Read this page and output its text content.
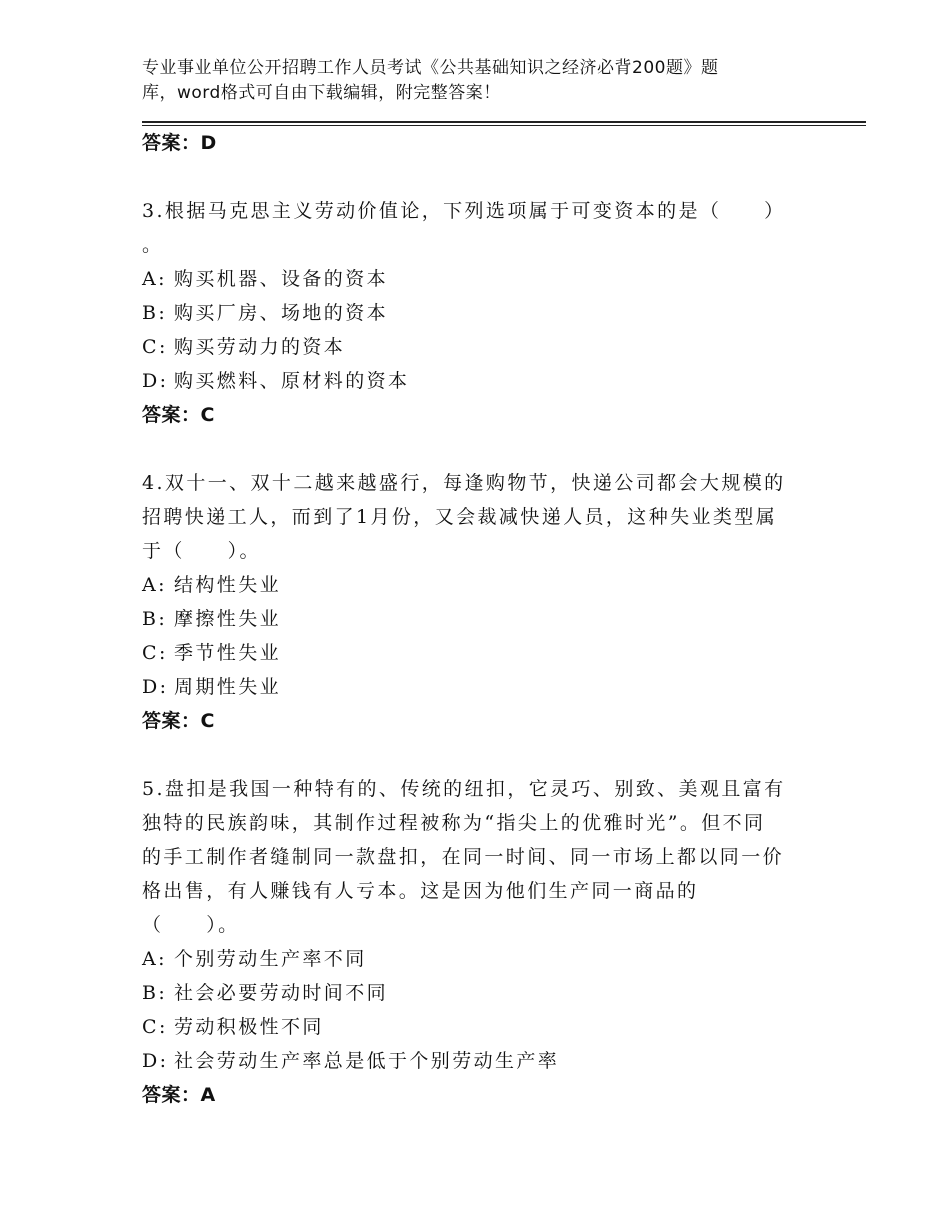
专业事业单位公开招聘工作人员考试《公共基础知识之经济必背200题》题
库，word格式可自由下载编辑，附完整答案！
答案：D
3.根据马克思主义劳动价值论，下列选项属于可变资本的是（　　）
。
A: 购买机器、设备的资本
B: 购买厂房、场地的资本
C: 购买劳动力的资本
D: 购买燃料、原材料的资本
答案：C
4.双十一、双十二越来越盛行，每逢购物节，快递公司都会大规模的
招聘快递工人，而到了1月份，又会裁减快递人员，这种失业类型属
于（　　）。
A: 结构性失业
B: 摩擦性失业
C: 季节性失业
D: 周期性失业
答案：C
5.盘扣是我国一种特有的、传统的纽扣，它灵巧、别致、美观且富有
独特的民族韵味，其制作过程被称为“指尖上的优雅时光”。但不同
的手工制作者缝制同一款盘扣，在同一时间、同一市场上都以同一价
格出售，有人赚钱有人亏本。这是因为他们生产同一商品的
（　　）。
A: 个别劳动生产率不同
B: 社会必要劳动时间不同
C: 劳动积极性不同
D: 社会劳动生产率总是低于个别劳动生产率
答案：A
